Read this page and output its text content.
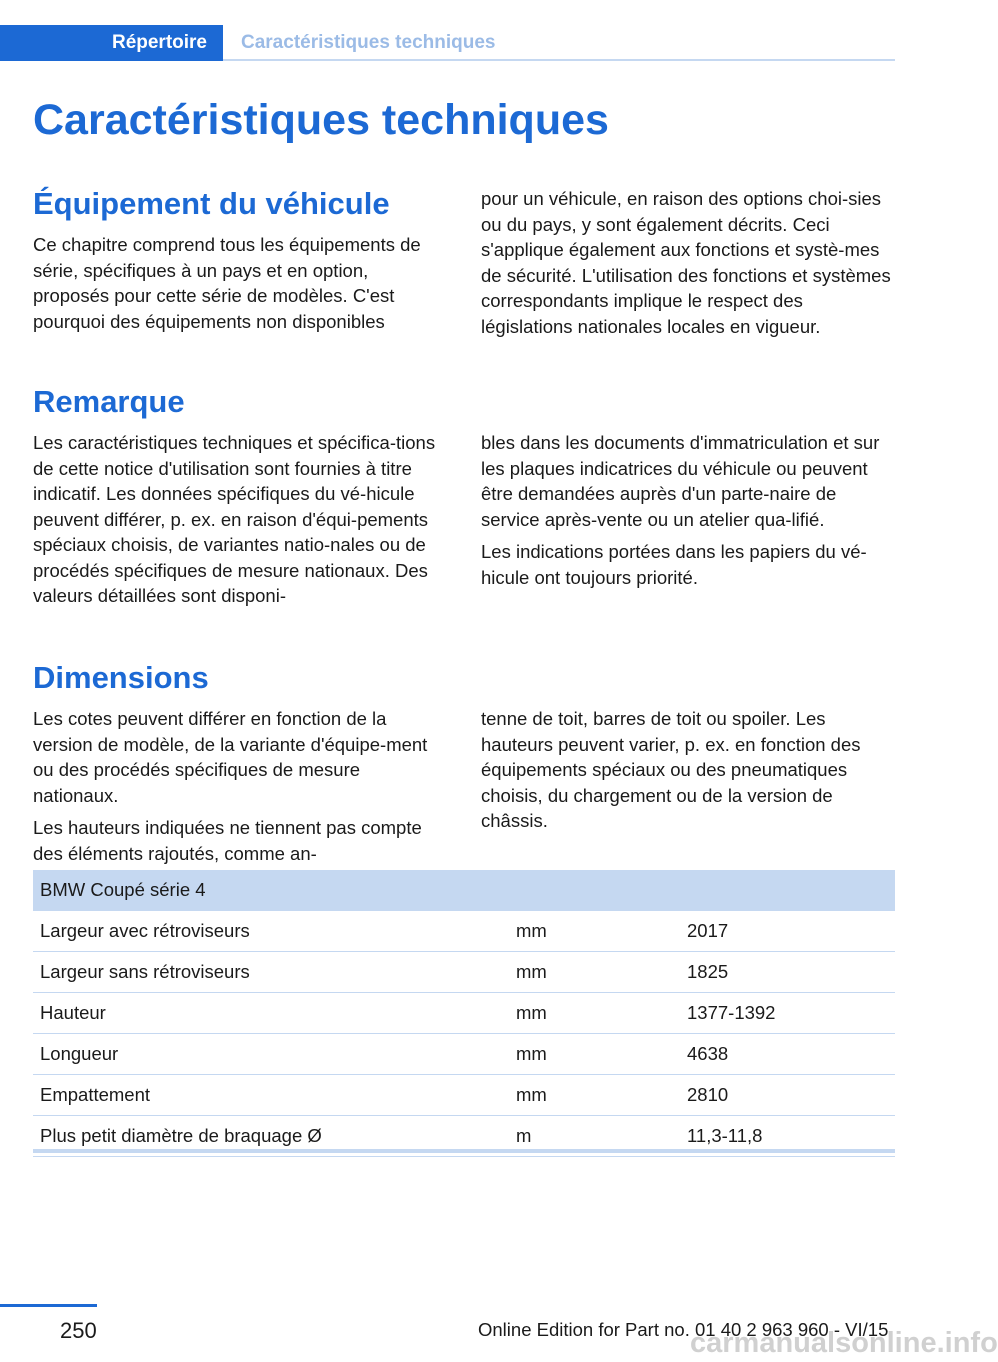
Répertoire	Caractéristiques techniques
Caractéristiques techniques
Équipement du véhicule

Ce chapitre comprend tous les équipements de série, spécifiques à un pays et en option, proposés pour cette série de modèles. C'est pourquoi des équipements non disponibles

pour un véhicule, en raison des options choi-sies ou du pays, y sont également décrits. Ceci s'applique également aux fonctions et systè-mes de sécurité. L'utilisation des fonctions et systèmes correspondants implique le respect des législations nationales locales en vigueur.

Remarque

Les caractéristiques techniques et spécifica-tions de cette notice d'utilisation sont fournies à titre indicatif. Les données spécifiques du vé-hicule peuvent différer, p. ex. en raison d'équi-pements spéciaux choisis, de variantes natio-nales ou de procédés spécifiques de mesure nationaux. Des valeurs détaillées sont disponi-

bles dans les documents d'immatriculation et sur les plaques indicatrices du véhicule ou peuvent être demandées auprès d'un parte-naire de service après-vente ou un atelier qua-lifié.

Les indications portées dans les papiers du vé-hicule ont toujours priorité.

Dimensions

Les cotes peuvent différer en fonction de la version de modèle, de la variante d'équipe-ment ou des procédés spécifiques de mesure nationaux.

Les hauteurs indiquées ne tiennent pas compte des éléments rajoutés, comme an-

tenne de toit, barres de toit ou spoiler. Les hauteurs peuvent varier, p. ex. en fonction des équipements spéciaux ou des pneumatiques choisis, du chargement ou de la version de châssis.

BMW Coupé série 4		
Largeur avec rétroviseurs	mm	2017
Largeur sans rétroviseurs	mm	1825
Hauteur	mm	1377-1392
Longueur	mm	4638
Empattement	mm	2810
Plus petit diamètre de braquage Ø	m	11,3-11,8
250	Online Edition for Part no. 01 40 2 963 960 - VI/15
carmanualsonline.info
